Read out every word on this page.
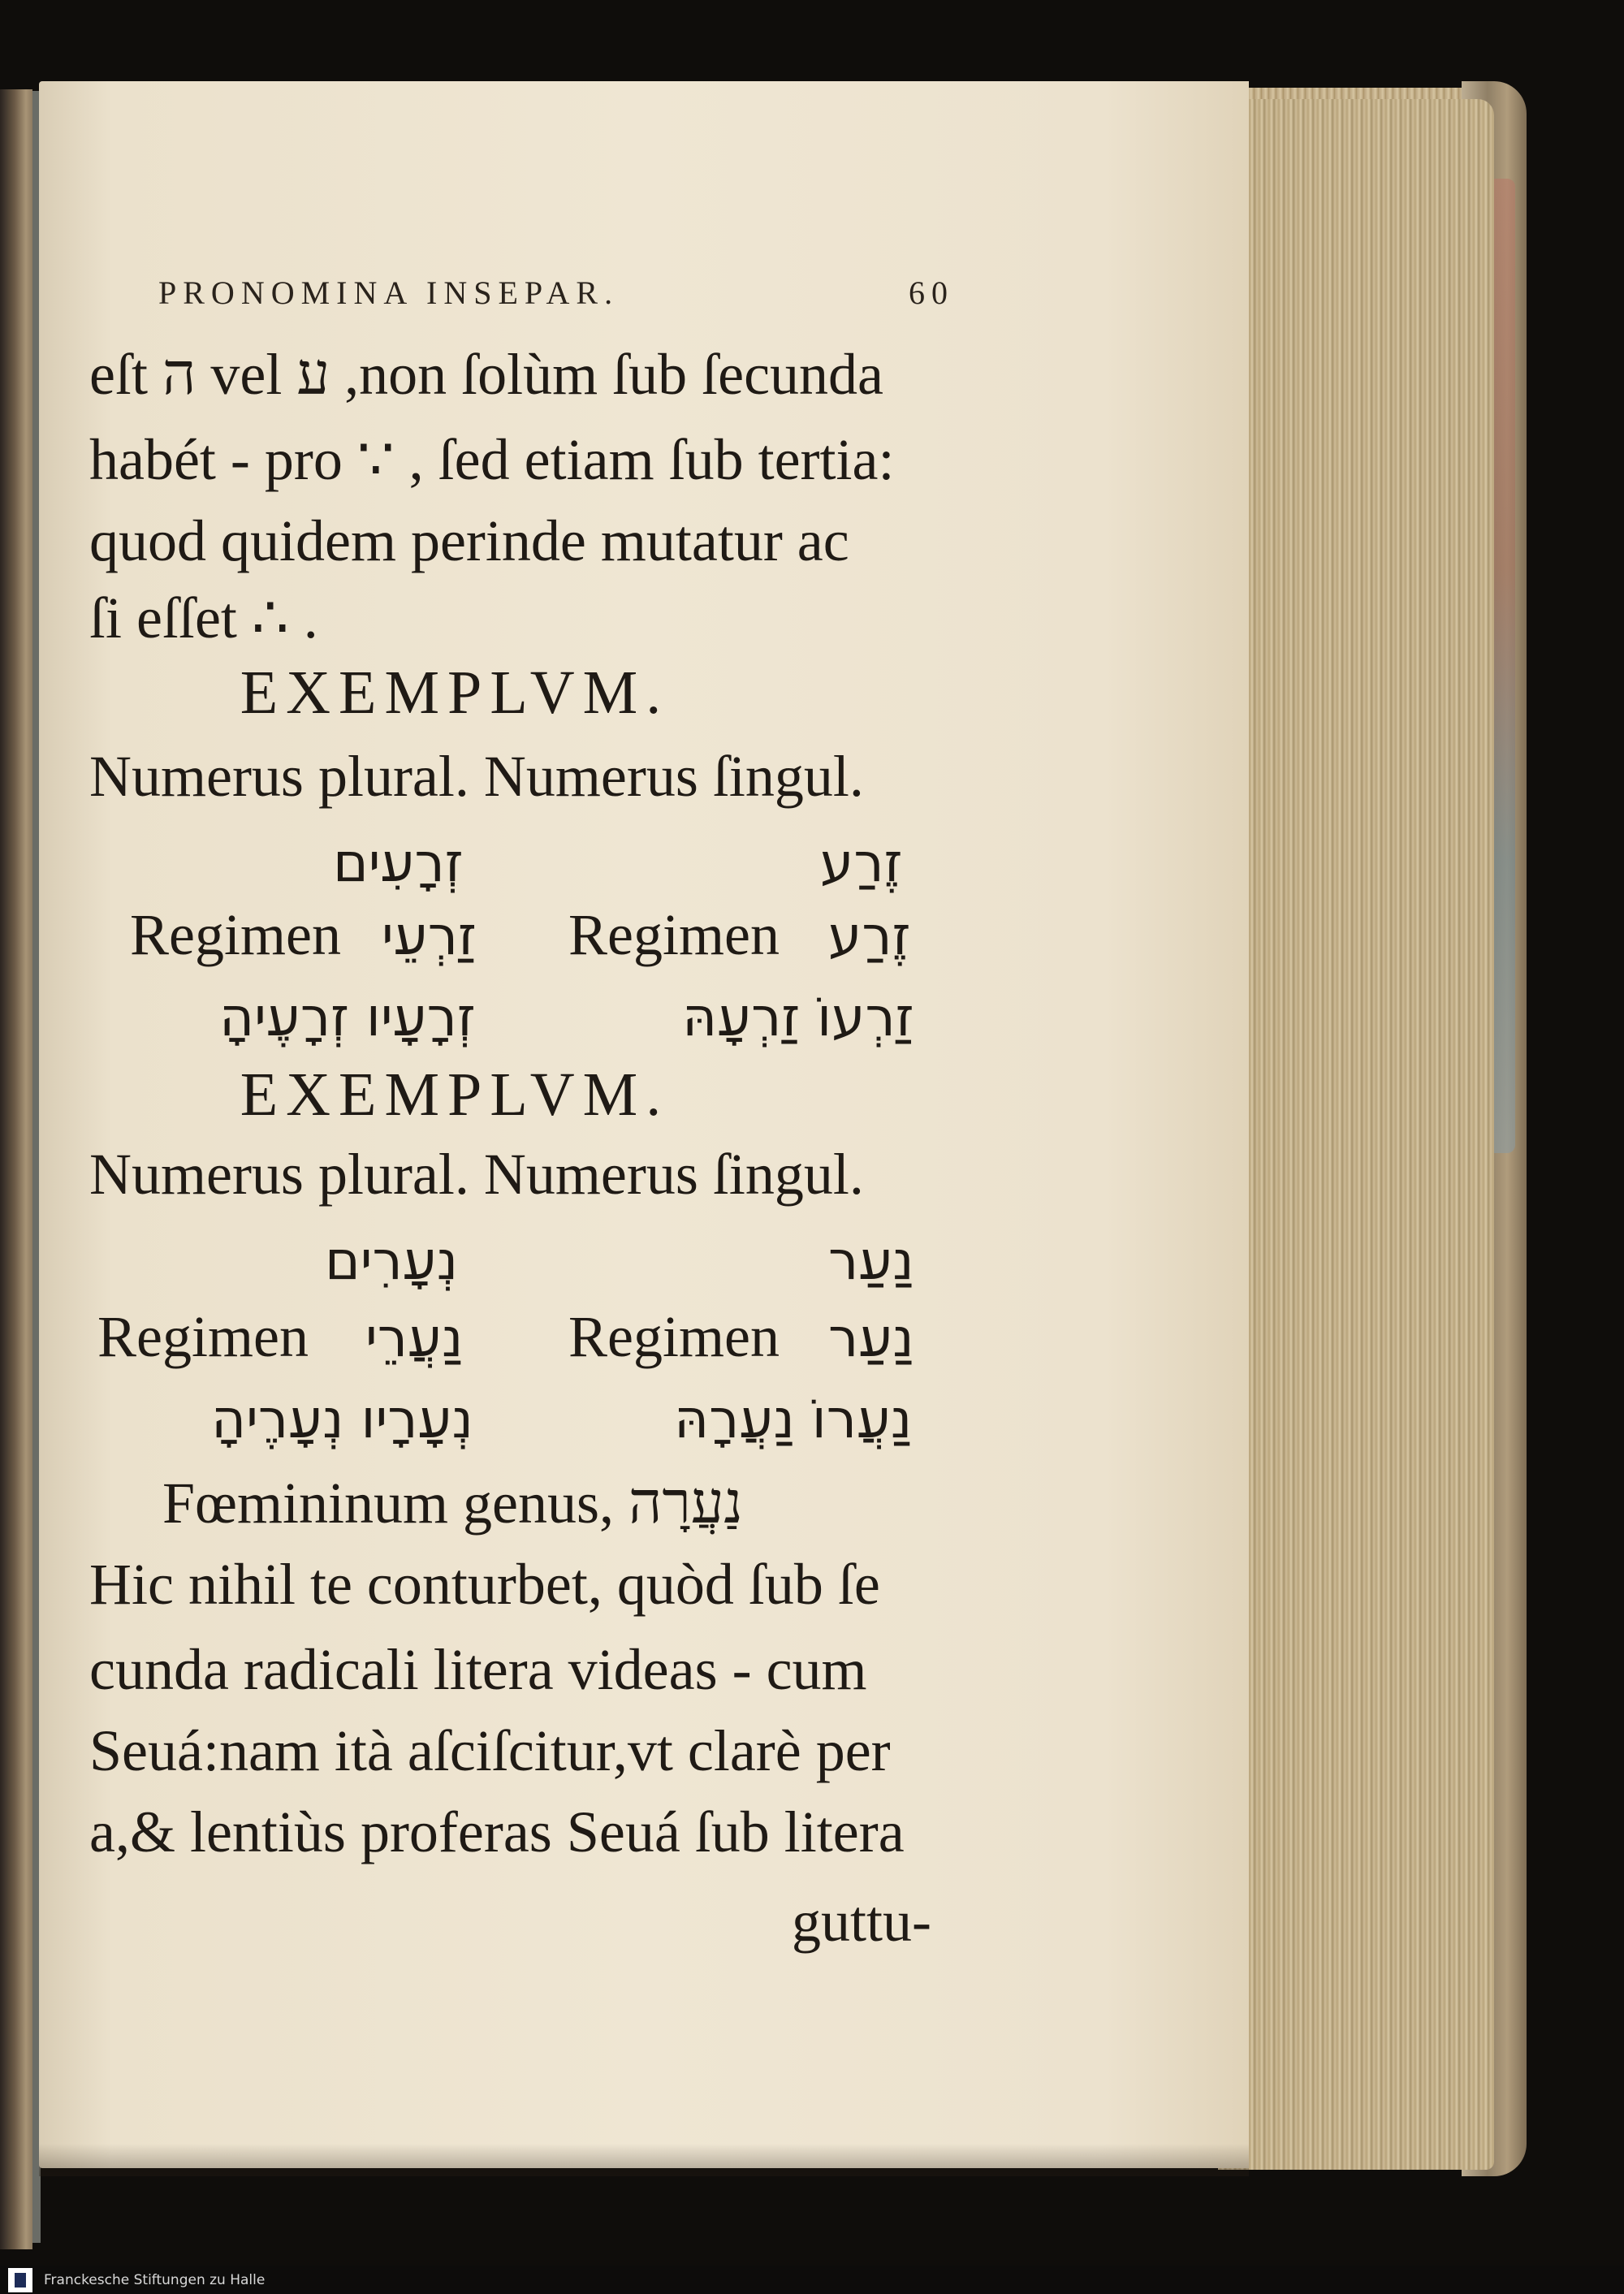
PRONOMINA INSEPAR.	60
eſt ה vel ע ,non ſolùm ſub ſecunda
habét - pro ∵ , ſed etiam ſub tertia:
quod quidem perinde mutatur ac
ſi eſſet ∴ .
EXEMPLVM.
Numerus plural. Numerus ſingul.
זְרָעִים	זֶרַע
Regimen זַרְעֵי Regimen זֶרַע
זְרָעָיו זְרָעֶיהָ	זַרְעוֹ זַרְעָהּ
EXEMPLVM.
Numerus plural. Numerus ſingul.
נְעָרִים	נַעַר
Regimen נַעֲרֵי Regimen נַעַר
נְעָרָיו נְעָרֶיהָ	נַעֲרוֹ נַעֲרָהּ
Fœmininum genus, נַעֲרָה
Hic nihil te conturbet, quòd ſub ſe
cunda radicali litera videas - cum
Seuá:nam ità aſciſcitur,vt clarè per
a,& lentiùs proferas Seuá ſub litera
guttu-
Franckesche Stiftungen zu Halle
